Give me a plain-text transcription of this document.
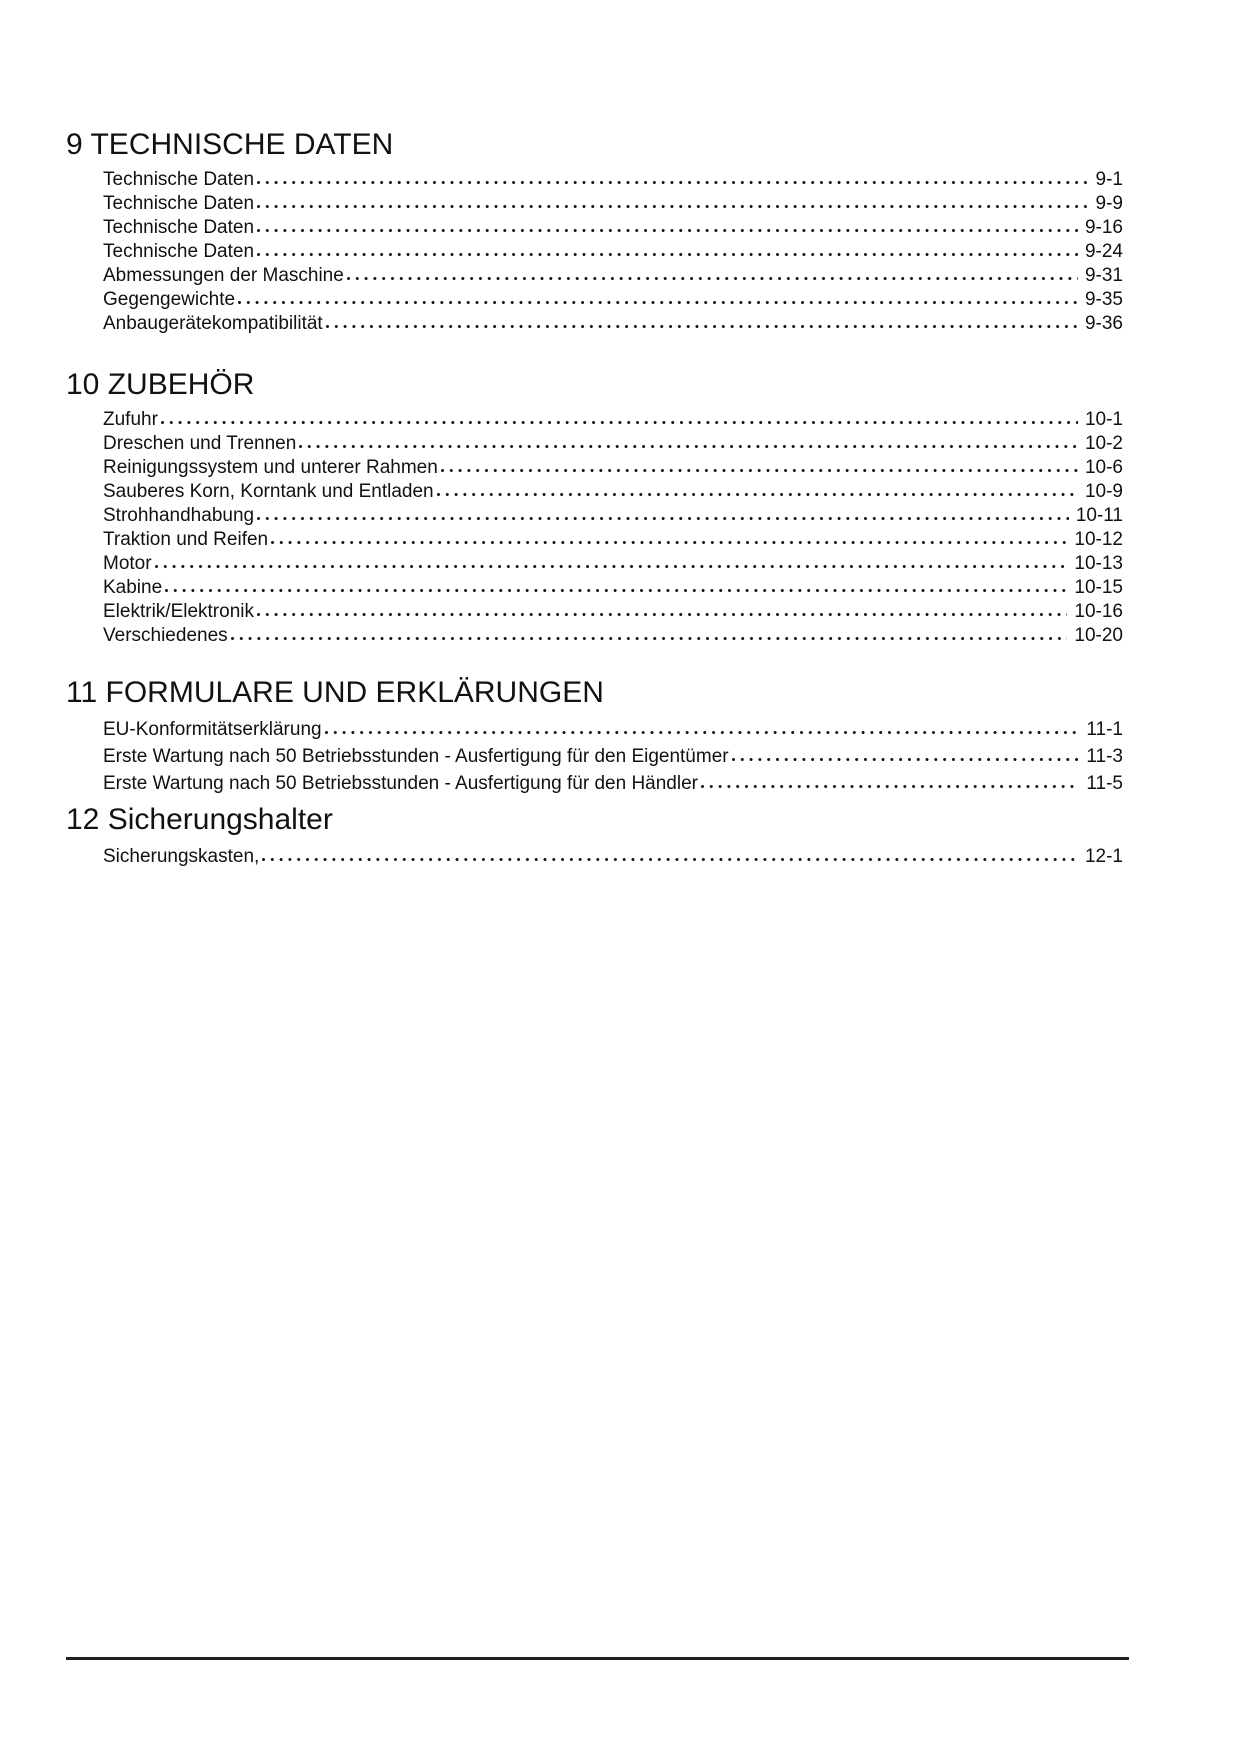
9 TECHNISCHE DATEN
Technische Daten	9-1
Technische Daten	9-9
Technische Daten	9-16
Technische Daten	9-24
Abmessungen der Maschine	9-31
Gegengewichte	9-35
Anbaugerätekompatibilität	9-36
10 ZUBEHÖR
Zufuhr	10-1
Dreschen und Trennen	10-2
Reinigungssystem und unterer Rahmen	10-6
Sauberes Korn, Korntank und Entladen	10-9
Strohhandhabung	10-11
Traktion und Reifen	10-12
Motor	10-13
Kabine	10-15
Elektrik/Elektronik	10-16
Verschiedenes	10-20
11 FORMULARE UND ERKLÄRUNGEN
EU-Konformitätserklärung	11-1
Erste Wartung nach 50 Betriebsstunden - Ausfertigung für den Eigentümer	11-3
Erste Wartung nach 50 Betriebsstunden - Ausfertigung für den Händler	11-5
12 Sicherungshalter
Sicherungskasten,	12-1
